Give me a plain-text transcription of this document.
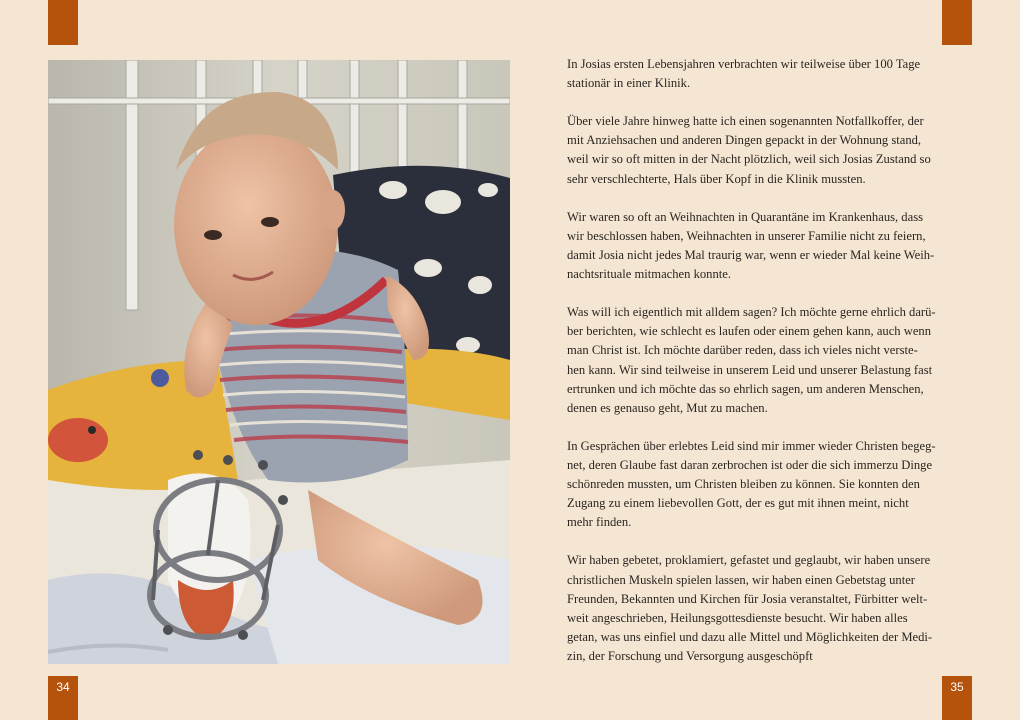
34	35

In Josias ersten Lebensjahren verbrachten wir teilweise über 100 Tage
stationär in einer Klinik.

Über viele Jahre hinweg hatte ich einen sogenannten Notfallkoffer, der
mit Anziehsachen und anderen Dingen gepackt in der Wohnung stand,
weil wir so oft mitten in der Nacht plötzlich, weil sich Josias Zustand so
sehr verschlechterte, Hals über Kopf in die Klinik mussten.

Wir waren so oft an Weihnachten in Quarantäne im Krankenhaus, dass
wir beschlossen haben, Weihnachten in unserer Familie nicht zu feiern,
damit Josia nicht jedes Mal traurig war, wenn er wieder Mal keine Weih-
nachtsrituale mitmachen konnte.

Was will ich eigentlich mit alldem sagen? Ich möchte gerne ehrlich darü-
ber berichten, wie schlecht es laufen oder einem gehen kann, auch wenn
man Christ ist. Ich möchte darüber reden, dass ich vieles nicht verste-
hen kann. Wir sind teilweise in unserem Leid und unserer Belastung fast
ertrunken und ich möchte das so ehrlich sagen, um anderen Menschen,
denen es genauso geht, Mut zu machen.

In Gesprächen über erlebtes Leid sind mir immer wieder Christen begeg-
net, deren Glaube fast daran zerbrochen ist oder die sich immerzu Dinge
schönreden mussten, um Christen bleiben zu können. Sie konnten den
Zugang zu einem liebevollen Gott, der es gut mit ihnen meint, nicht
mehr finden.

Wir haben gebetet, proklamiert, gefastet und geglaubt, wir haben unsere
christlichen Muskeln spielen lassen, wir haben einen Gebetstag unter
Freunden, Bekannten und Kirchen für Josia veranstaltet, Fürbitter welt-
weit angeschrieben, Heilungsgottesdienste besucht. Wir haben alles
getan, was uns einfiel und dazu alle Mittel und Möglichkeiten der Medi-
zin, der Forschung und Versorgung ausgeschöpft
